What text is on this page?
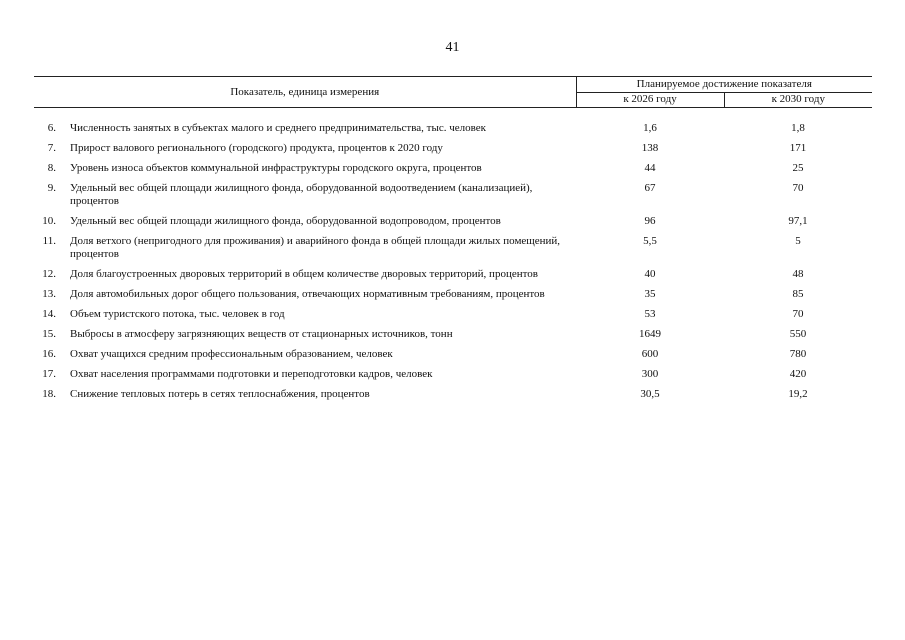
41
Показатель, единица измерения		Планируемое достижение показателя	
		к 2026 году	к 2030 году

6.	Численность занятых в субъектах малого и среднего предпринимательства, тыс. человек	1,6	1,8
7.	Прирост валового регионального (городского) продукта, процентов к 2020 году	138	171
8.	Уровень износа объектов коммунальной инфраструктуры городского округа, процентов	44	25
9.	Удельный вес общей площади жилищного фонда, оборудованной водоотведением (канализацией), процентов	67	70
10.	Удельный вес общей площади жилищного фонда, оборудованной водопроводом, процентов	96	97,1
11.	Доля ветхого (непригодного для проживания) и аварийного фонда в общей площади жилых помещений, процентов	5,5	5
12.	Доля благоустроенных дворовых территорий в общем количестве дворовых территорий, процентов	40	48
13.	Доля автомобильных дорог общего пользования, отвечающих нормативным требованиям, процентов	35	85
14.	Объем туристского потока, тыс. человек в год	53	70
15.	Выбросы в атмосферу загрязняющих веществ от стационарных источников, тонн	1649	550
16.	Охват учащихся средним профессиональным образованием, человек	600	780
17.	Охват населения программами подготовки и переподготовки кадров, человек	300	420
18.	Снижение тепловых потерь в сетях теплоснабжения, процентов	30,5	19,2
